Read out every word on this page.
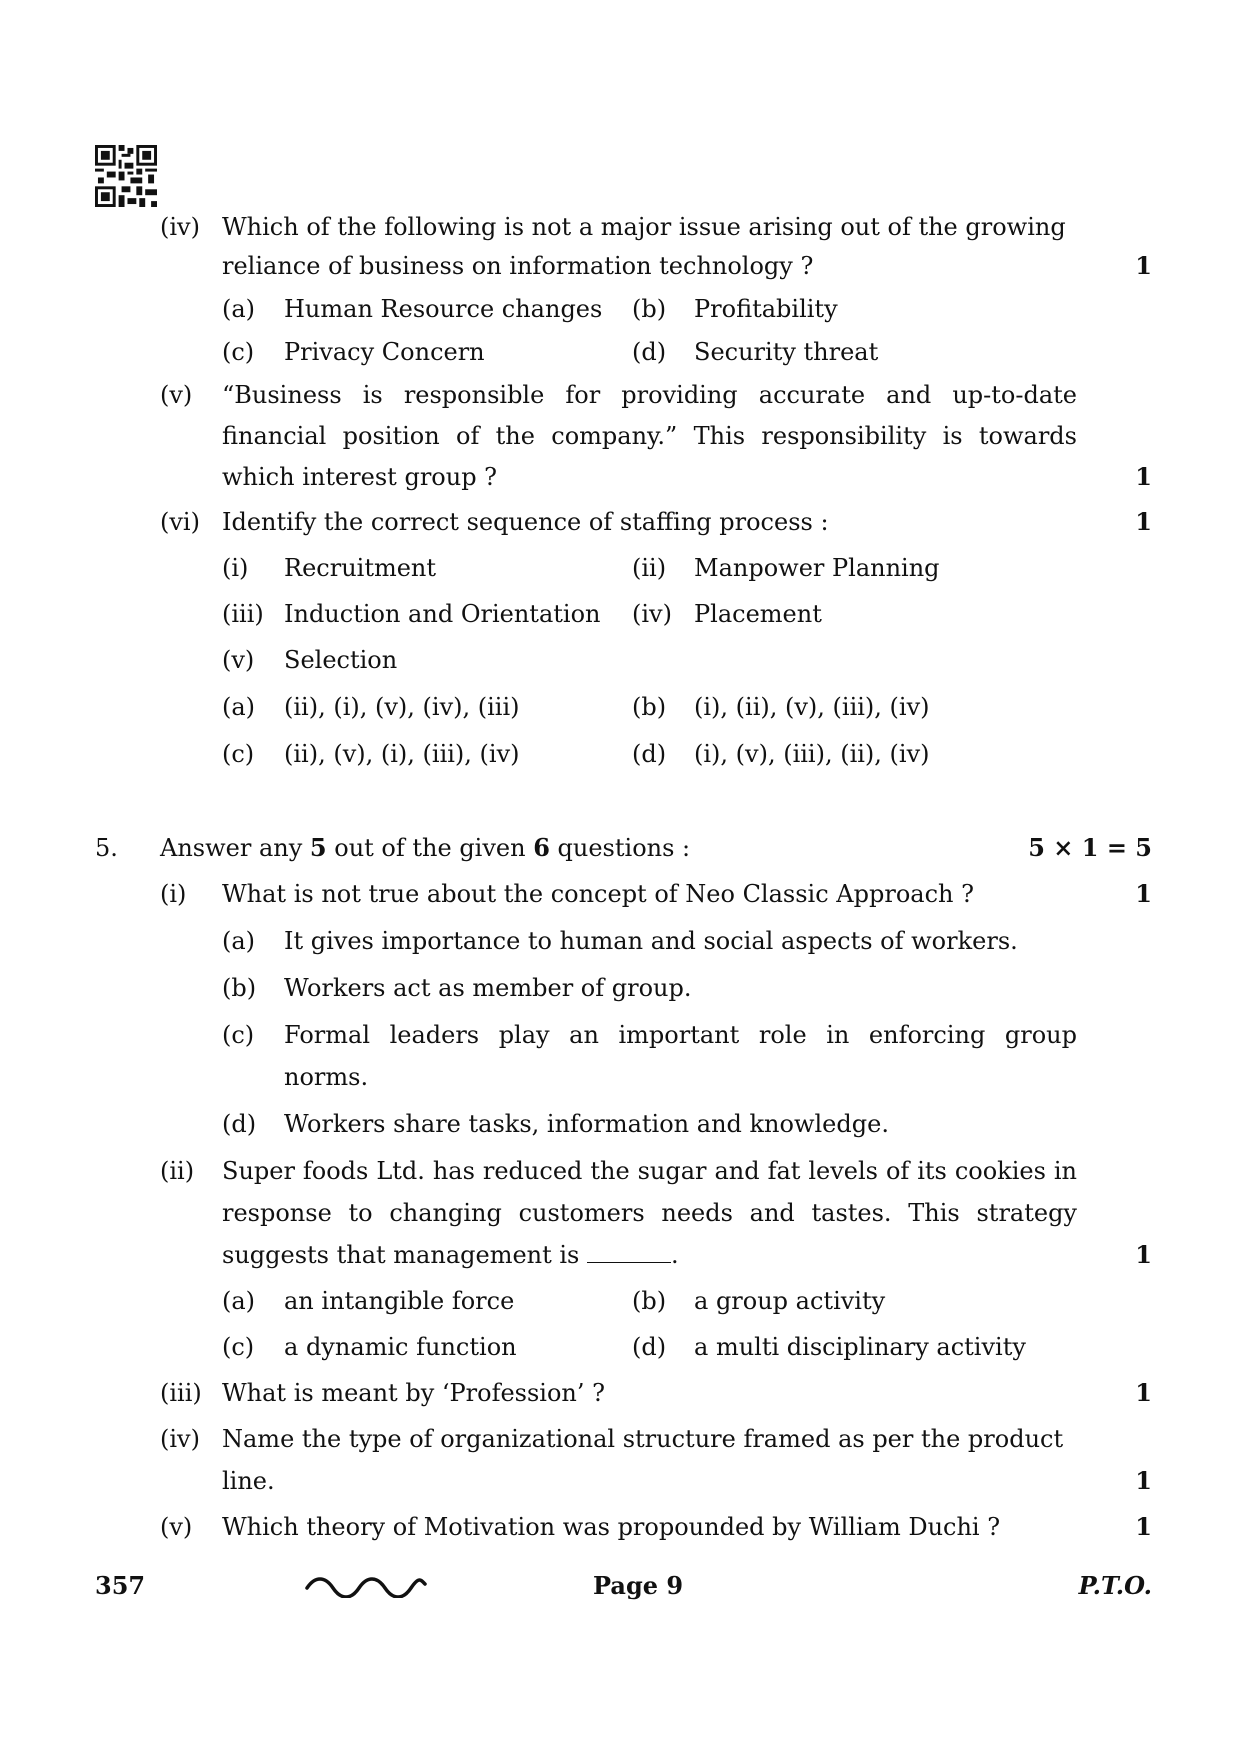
(iv) Which of the following is not a major issue arising out of the growing
reliance of business on information technology ?	1
(a) Human Resource changes (b) Profitability
(c) Privacy Concern	(d) Security threat
(v) “Business is responsible for providing accurate and up-to-date
financial position of the company.” This responsibility is towards
which interest group ?	1
(vi) Identify the correct sequence of staffing process :	1
(i) Recruitment	(ii) Manpower Planning
(iii) Induction and Orientation (iv) Placement
(v) Selection
(a) (ii), (i), (v), (iv), (iii)	(b) (i), (ii), (v), (iii), (iv)
(c) (ii), (v), (i), (iii), (iv)	(d) (i), (v), (iii), (ii), (iv)
5. Answer any 5 out of the given 6 questions :	5 × 1 = 5
(i) What is not true about the concept of Neo Classic Approach ?	1
(a) It gives importance to human and social aspects of workers.
(b) Workers act as member of group.
(c) Formal leaders play an important role in enforcing group
norms.
(d) Workers share tasks, information and knowledge.
(ii) Super foods Ltd. has reduced the sugar and fat levels of its cookies in
response to changing customers needs and tastes. This strategy
suggests that management is	.	1
(a) an intangible force	(b) a group activity
(c) a dynamic function	(d) a multi disciplinary activity
(iii) What is meant by ‘Profession’ ?	1
(iv) Name the type of organizational structure framed as per the product
line.	1
(v) Which theory of Motivation was propounded by William Duchi ?	1
357	Page 9	P.T.O.
